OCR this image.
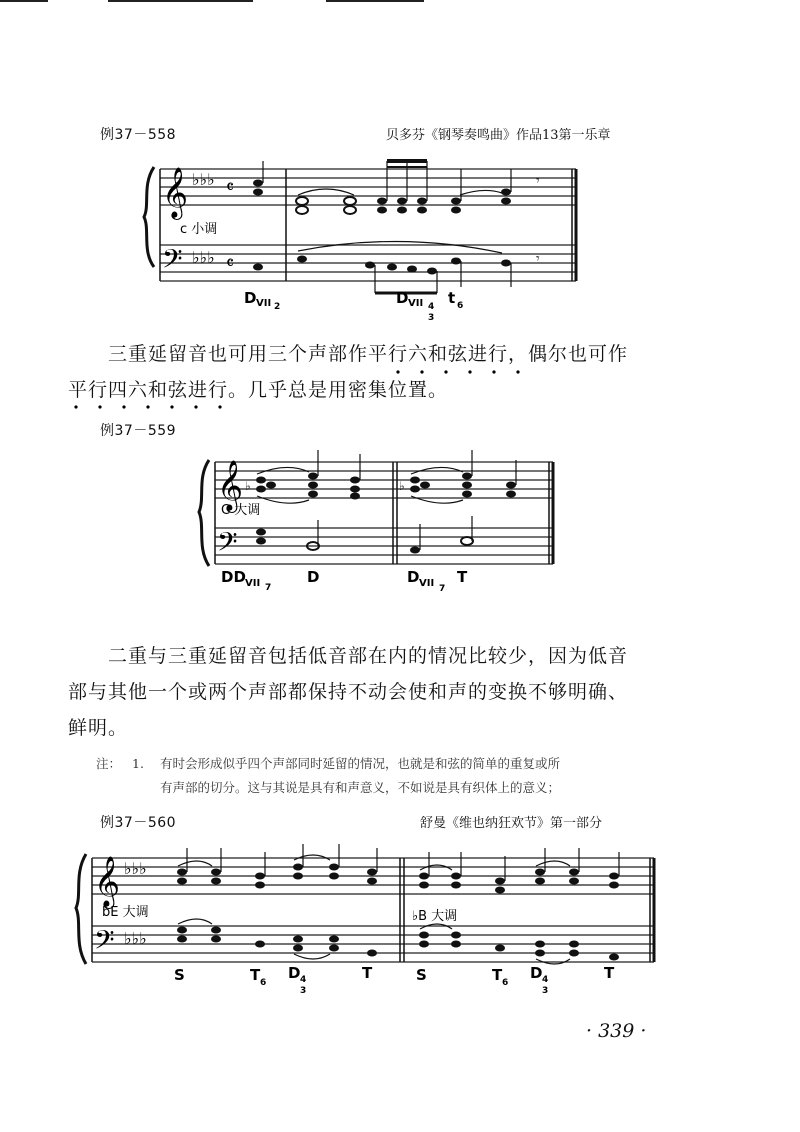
例37－558	贝多芬《钢琴奏鸣曲》作品13第一乐章
𝄞
𝄢
♭♭♭
♭♭♭
𝄴
𝄴
c 小调
𝄾
𝄾
D VII 2	D VII 4
3
t 6
三重延留音也可用三个声部作平行六和弦进行，偶尔也可作
平行四六和弦进行。几乎总是用密集位置。
例37－559
𝄞
𝄢
C 大调
♭	♭
DD VII 7
D	D VII 7
T
二重与三重延留音包括低音部在内的情况比较少，因为低音
部与其他一个或两个声部都保持不动会使和声的变换不够明确、
鲜明。
注： 1. 有时会形成似乎四个声部同时延留的情况，也就是和弦的简单的重复或所
有声部的切分。这与其说是具有和声意义，不如说是具有织体上的意义；
例37－560	舒曼《维也纳狂欢节》第一部分
𝄞
𝄢
♭♭♭
♭♭♭
bE 大调	♭B 大调
S	T 6
D 4
3
T	S	T 6
D 4
3
T
· 339 ·
